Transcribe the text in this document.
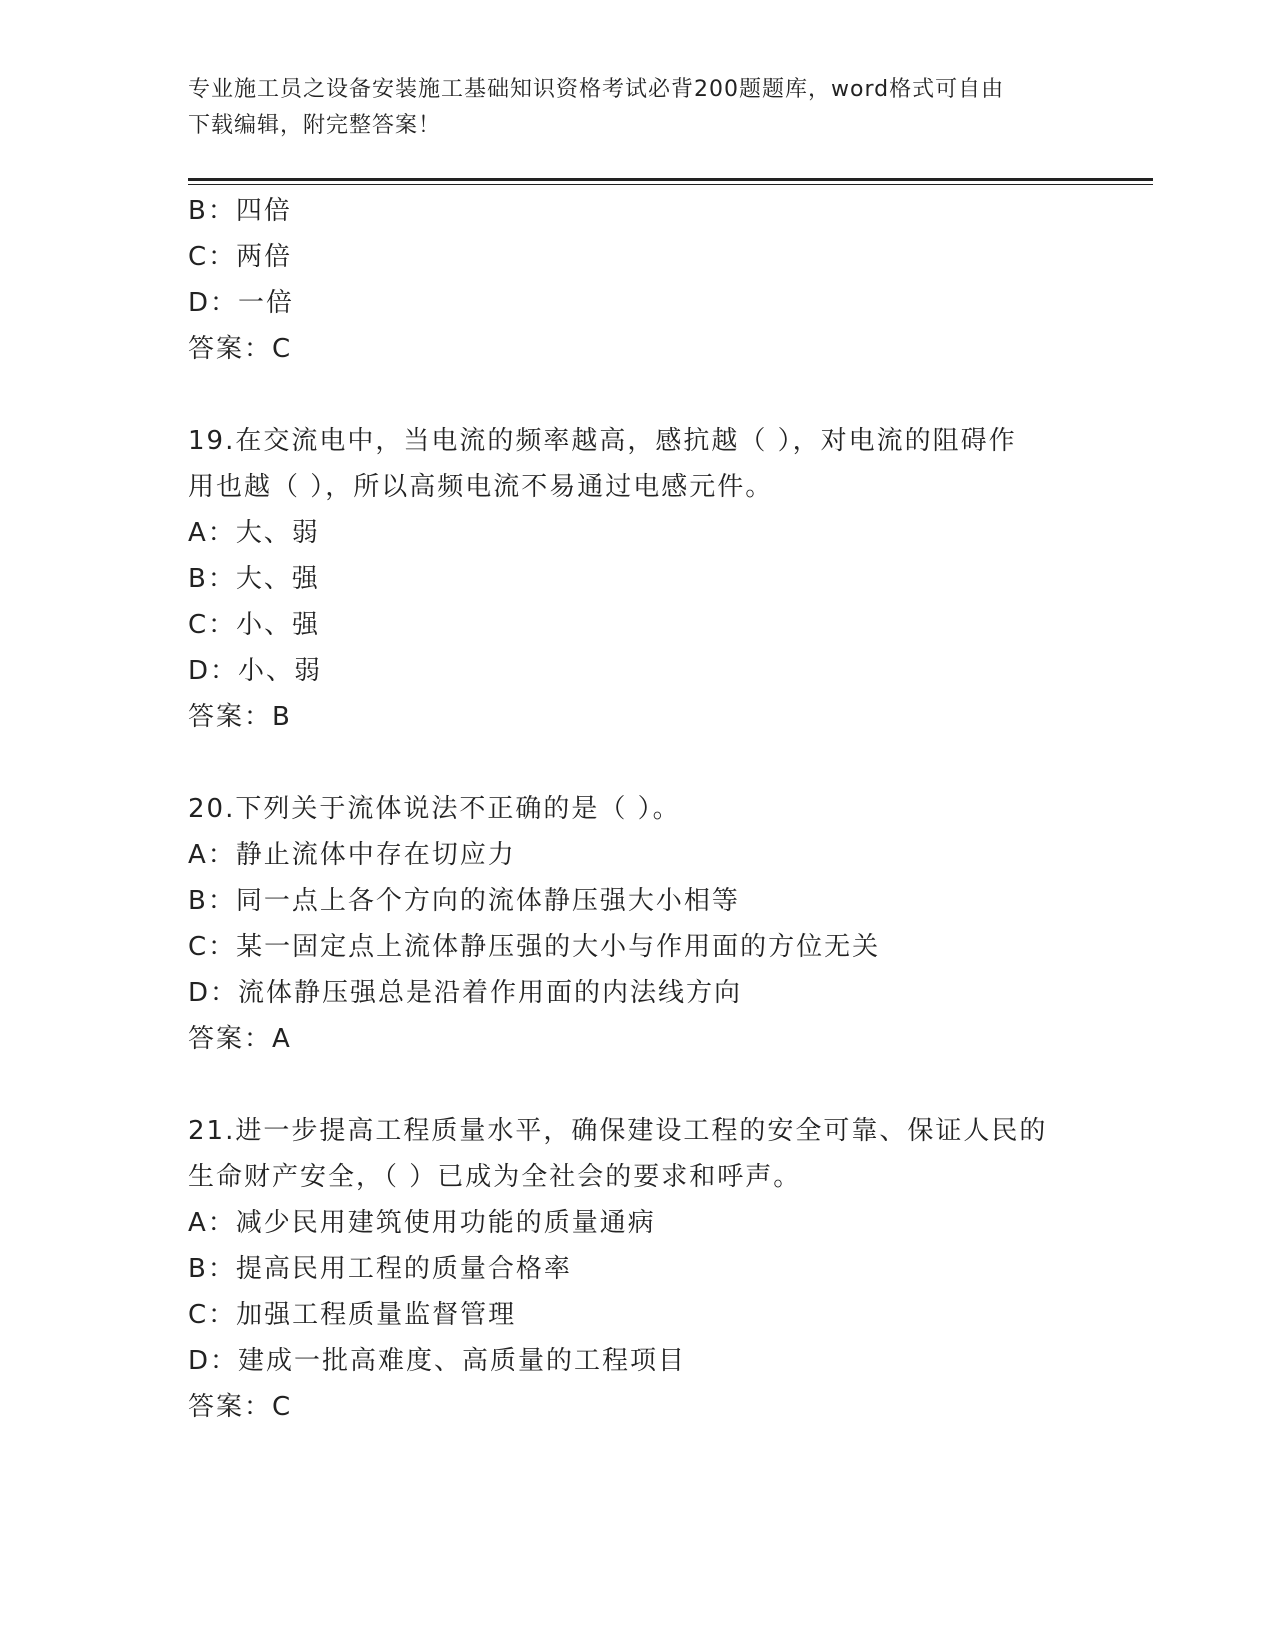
专业施工员之设备安装施工基础知识资格考试必背200题题库，word格式可自由
下载编辑，附完整答案！
B：四倍
C：两倍
D：一倍
答案：C
19.在交流电中，当电流的频率越高，感抗越（ ），对电流的阻碍作
用也越（ ），所以高频电流不易通过电感元件。
A：大、弱
B：大、强
C：小、强
D：小、弱
答案：B
20.下列关于流体说法不正确的是（ ）。
A：静止流体中存在切应力
B：同一点上各个方向的流体静压强大小相等
C：某一固定点上流体静压强的大小与作用面的方位无关
D：流体静压强总是沿着作用面的内法线方向
答案：A
21.进一步提高工程质量水平，确保建设工程的安全可靠、保证人民的
生命财产安全，（ ）已成为全社会的要求和呼声。
A：减少民用建筑使用功能的质量通病
B：提高民用工程的质量合格率
C：加强工程质量监督管理
D：建成一批高难度、高质量的工程项目
答案：C
